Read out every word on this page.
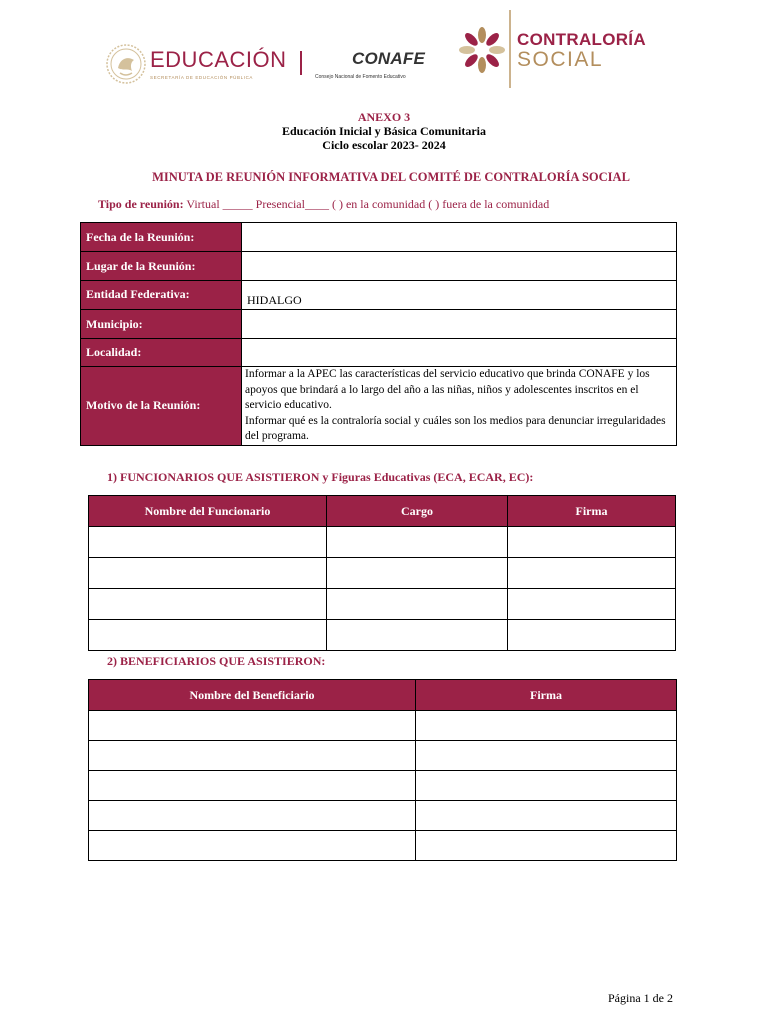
EDUCACIÓN
SECRETARÍA DE EDUCACIÓN PÚBLICA
CONAFE
Consejo Nacional de Fomento Educativo
CONTRALORÍA
SOCIAL
ANEXO 3
Educación Inicial y Básica Comunitaria
Ciclo escolar 2023- 2024
MINUTA DE REUNIÓN INFORMATIVA DEL COMITÉ DE CONTRALORÍA SOCIAL
Tipo de reunión: Virtual _____ Presencial____ ( ) en la comunidad ( ) fuera de la comunidad
Fecha de la Reunión:	
Lugar de la Reunión:	
Entidad Federativa:	HIDALGO
Municipio:	
Localidad:	
Motivo de la Reunión:	Informar a la APEC las características del servicio educativo que brinda CONAFE y los apoyos que brindará a lo largo del año a las niñas, niños y adolescentes inscritos en el servicio educativo.
Informar qué es la contraloría social y cuáles son los medios para denunciar irregularidades del programa.
1) FUNCIONARIOS QUE ASISTIERON y Figuras Educativas (ECA, ECAR, EC):
Nombre del Funcionario	Cargo	Firma

2) BENEFICIARIOS QUE ASISTIERON:
Nombre del Beneficiario	Firma

Página 1 de 2
